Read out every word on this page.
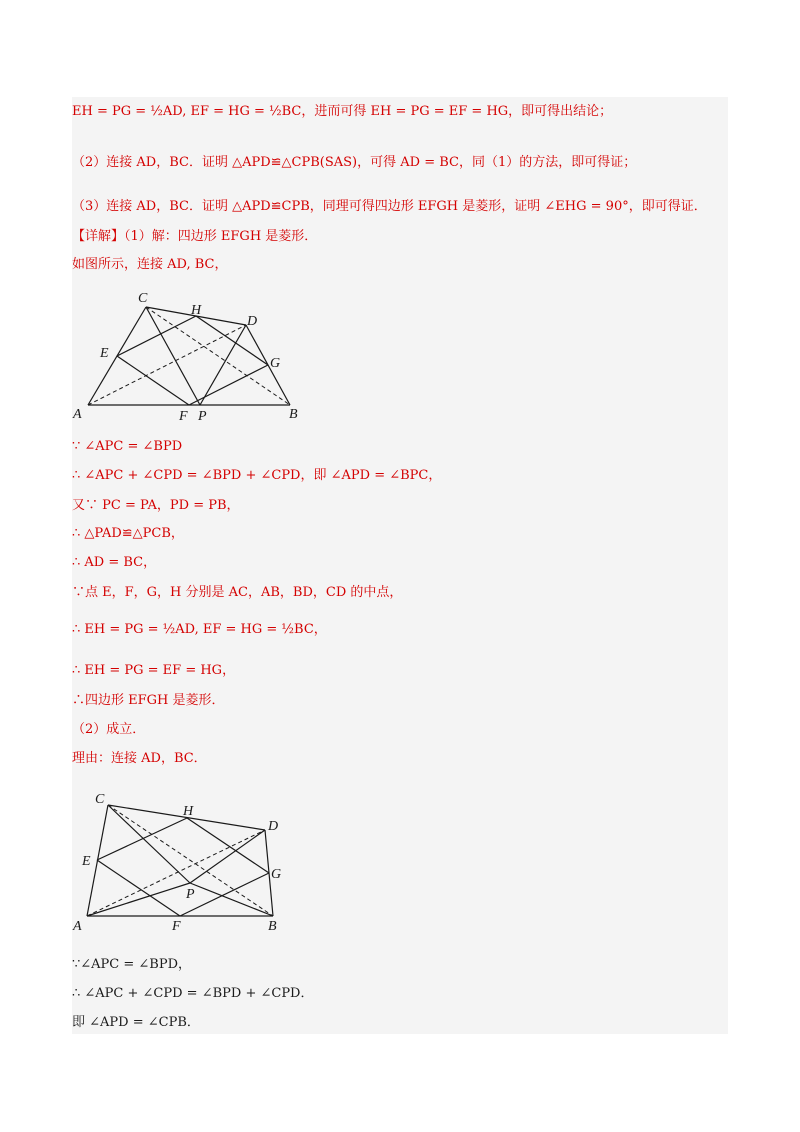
EH = PG = ½AD, EF = HG = ½BC，进而可得 EH = PG = EF = HG，即可得出结论；
（2）连接 AD，BC．证明 △APD≌△CPB(SAS)，可得 AD = BC，同（1）的方法，即可得证；
（3）连接 AD，BC．证明 △APD≌CPB，同理可得四边形 EFGH 是菱形，证明 ∠EHG = 90°，即可得证．
【详解】（1）解：四边形 EFGH 是菱形．
如图所示，连接 AD, BC，
C
H
D
E
G
A	F P	B
∵ ∠APC = ∠BPD
∴ ∠APC + ∠CPD = ∠BPD + ∠CPD，即 ∠APD = ∠BPC，
又∵ PC = PA，PD = PB，
∴ △PAD≌△PCB，
∴ AD = BC，
∵点 E，F，G，H 分别是 AC，AB，BD，CD 的中点，
∴ EH = PG = ½AD, EF = HG = ½BC，
∴ EH = PG = EF = HG，
∴四边形 EFGH 是菱形．
（2）成立．
理由：连接 AD，BC．
C
H
D
E
G
P
A	F	B
∵∠APC = ∠BPD，
∴ ∠APC + ∠CPD = ∠BPD + ∠CPD．
即 ∠APD = ∠CPB．
